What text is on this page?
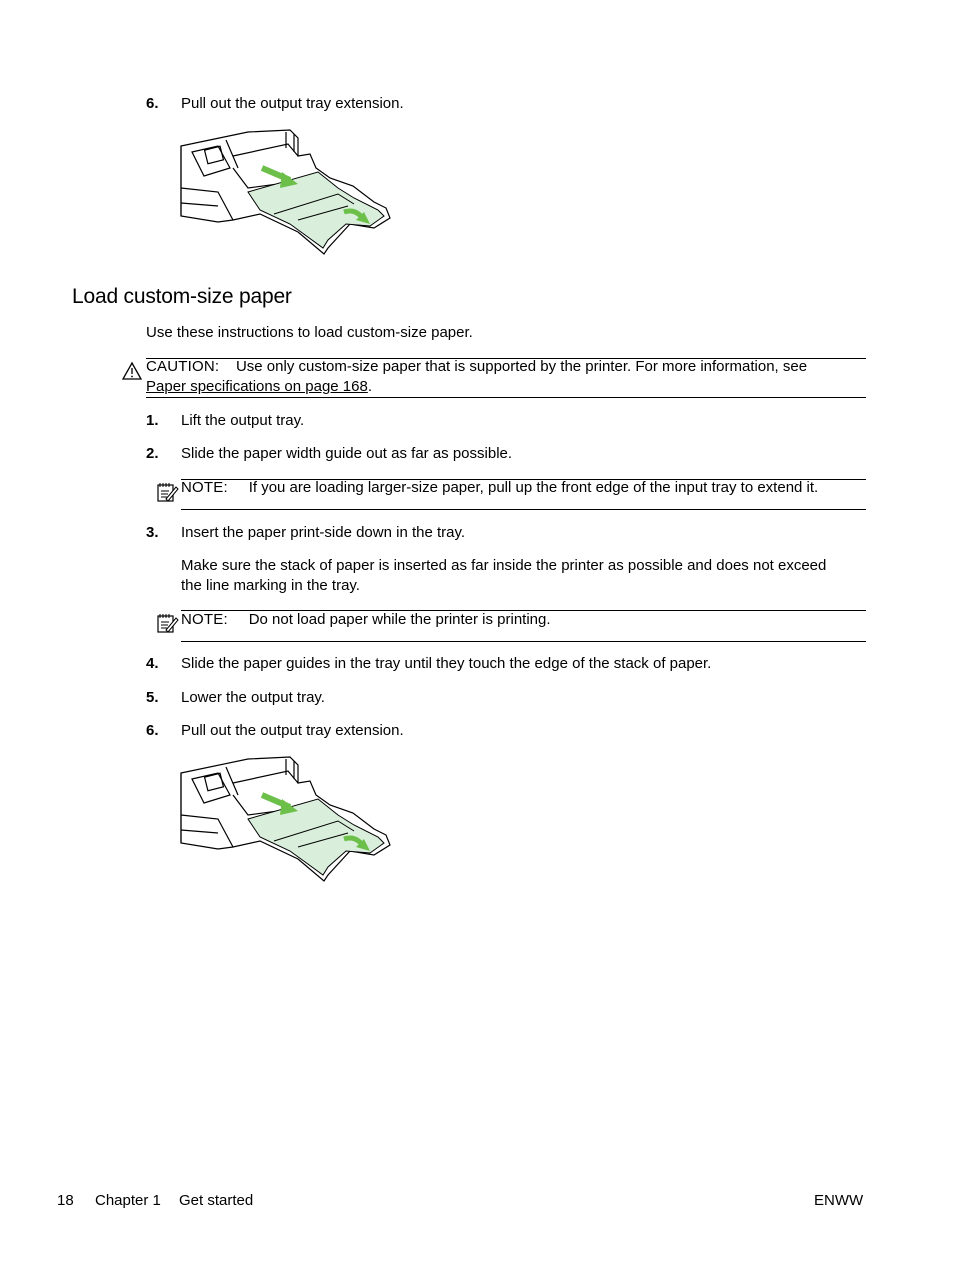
6. Pull out the output tray extension.
Load custom-size paper
Use these instructions to load custom-size paper.
CAUTION: Use only custom-size paper that is supported by the printer. For more information, see
Paper specifications on page 168.
1. Lift the output tray.
2. Slide the paper width guide out as far as possible.
NOTE: If you are loading larger-size paper, pull up the front edge of the input tray to extend it.
3. Insert the paper print-side down in the tray.
Make sure the stack of paper is inserted as far inside the printer as possible and does not exceed the line marking in the tray.
NOTE: Do not load paper while the printer is printing.
4. Slide the paper guides in the tray until they touch the edge of the stack of paper.
5. Lower the output tray.
6. Pull out the output tray extension.
18 Chapter 1 Get started	ENWW
